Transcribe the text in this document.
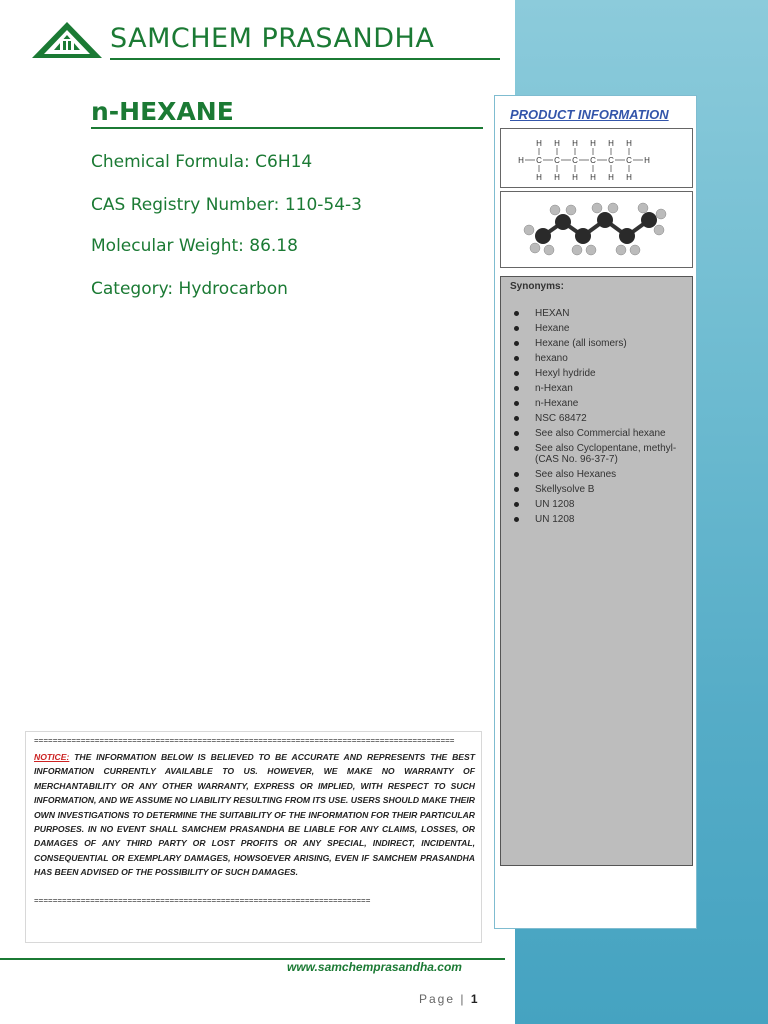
SAMCHEM PRASANDHA
n-HEXANE
Chemical Formula: C6H14
CAS Registry Number: 110-54-3
Molecular Weight: 86.18
Category: Hydrocarbon
PRODUCT INFORMATION
H H H H H H
H C C C C C C H
H H H H H H
Synonyms:
HEXAN
Hexane
Hexane (all isomers)
hexano
Hexyl hydride
n-Hexan
n-Hexane
NSC 68472
See also Commercial hexane
See also Cyclopentane, methyl- (CAS No. 96-37-7)
See also Hexanes
Skellysolve B
UN 1208
UN 1208
==========================================================================================
NOTICE: THE INFORMATION BELOW IS BELIEVED TO BE ACCURATE AND REPRESENTS THE BEST INFORMATION CURRENTLY AVAILABLE TO US. HOWEVER, WE MAKE NO WARRANTY OF MERCHANTABILITY OR ANY OTHER WARRANTY, EXPRESS OR IMPLIED, WITH RESPECT TO SUCH INFORMATION, AND WE ASSUME NO LIABILITY RESULTING FROM ITS USE. USERS SHOULD MAKE THEIR OWN INVESTIGATIONS TO DETERMINE THE SUITABILITY OF THE INFORMATION FOR THEIR PARTICULAR PURPOSES. IN NO EVENT SHALL SAMCHEM PRASANDHA BE LIABLE FOR ANY CLAIMS, LOSSES, OR DAMAGES OF ANY THIRD PARTY OR LOST PROFITS OR ANY SPECIAL, INDIRECT, INCIDENTAL, CONSEQUENTIAL OR EXEMPLARY DAMAGES, HOWSOEVER ARISING, EVEN IF SAMCHEM PRASANDHA HAS BEEN ADVISED OF THE POSSIBILITY OF SUCH DAMAGES.
========================================================================
www.samchemprasandha.com
Page | 1
